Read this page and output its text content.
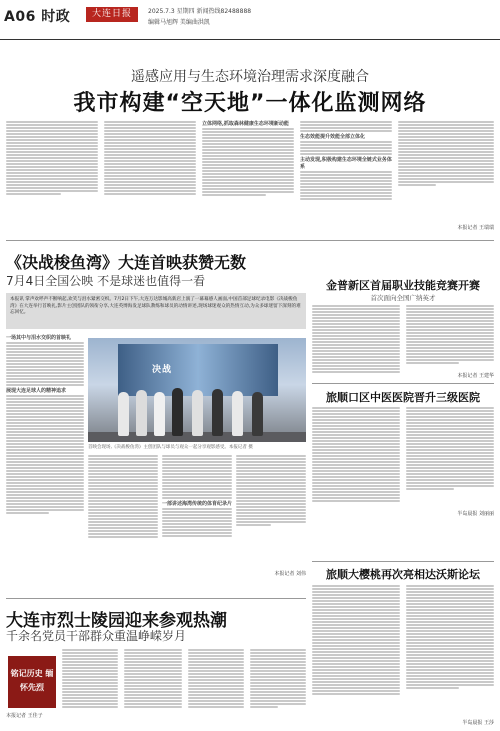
A06 时政	大连日报	2025.7.3 星期四 新闻热线82488888
编辑马旭辉 美编曲洪凯
遥感应用与生态环境治理需求深度融合
我市构建“空天地”一体化监测网络
立体网络,抓取森林健康生态环境新动能
生态效能提升效能全部立体化
主动发现,积极构建生态环境全链式业务体系
本报记者 王瑞瑞
《决战梭鱼湾》大连首映获赞无数
7月4日全国公映 不是球迷也值得一看
本报讯 掌声欢呼声不断响起,欢笑与泪水紧密交织。7月2日下午,大连万达影城高新店上演了一幕幕感人画面,中国首部足球纪录电影《决战梭鱼湾》在大连举行首映礼,影片主创团队的领衔分享,大连英博海发足球队教练和球员的动情讲述,现场球迷观众的热情互动,为众多球迷留下深刻的难忘回忆。
一场其中与泪水交织的首映礼
展现大连足球人的精神追求
决战
首映会现场,《决战梭鱼湾》主创团队与球员与观众一起分享观影感受。本报记者 摄
一部讲述海湾传统的体育纪录片
本报记者 刘伟
金普新区首届职业技能竞赛开赛
首次面向全国广纳英才
本报记者 王建华
旅顺口区中医医院晋升三级医院
半岛晨报 刘丽丽
旅顺大樱桃再次亮相达沃斯论坛
半岛晨报 王莎
大连市烈士陵园迎来参观热潮
千余名党员干部群众重温峥嵘岁月
铭记历史 缅怀先烈
本报记者 王佳子
